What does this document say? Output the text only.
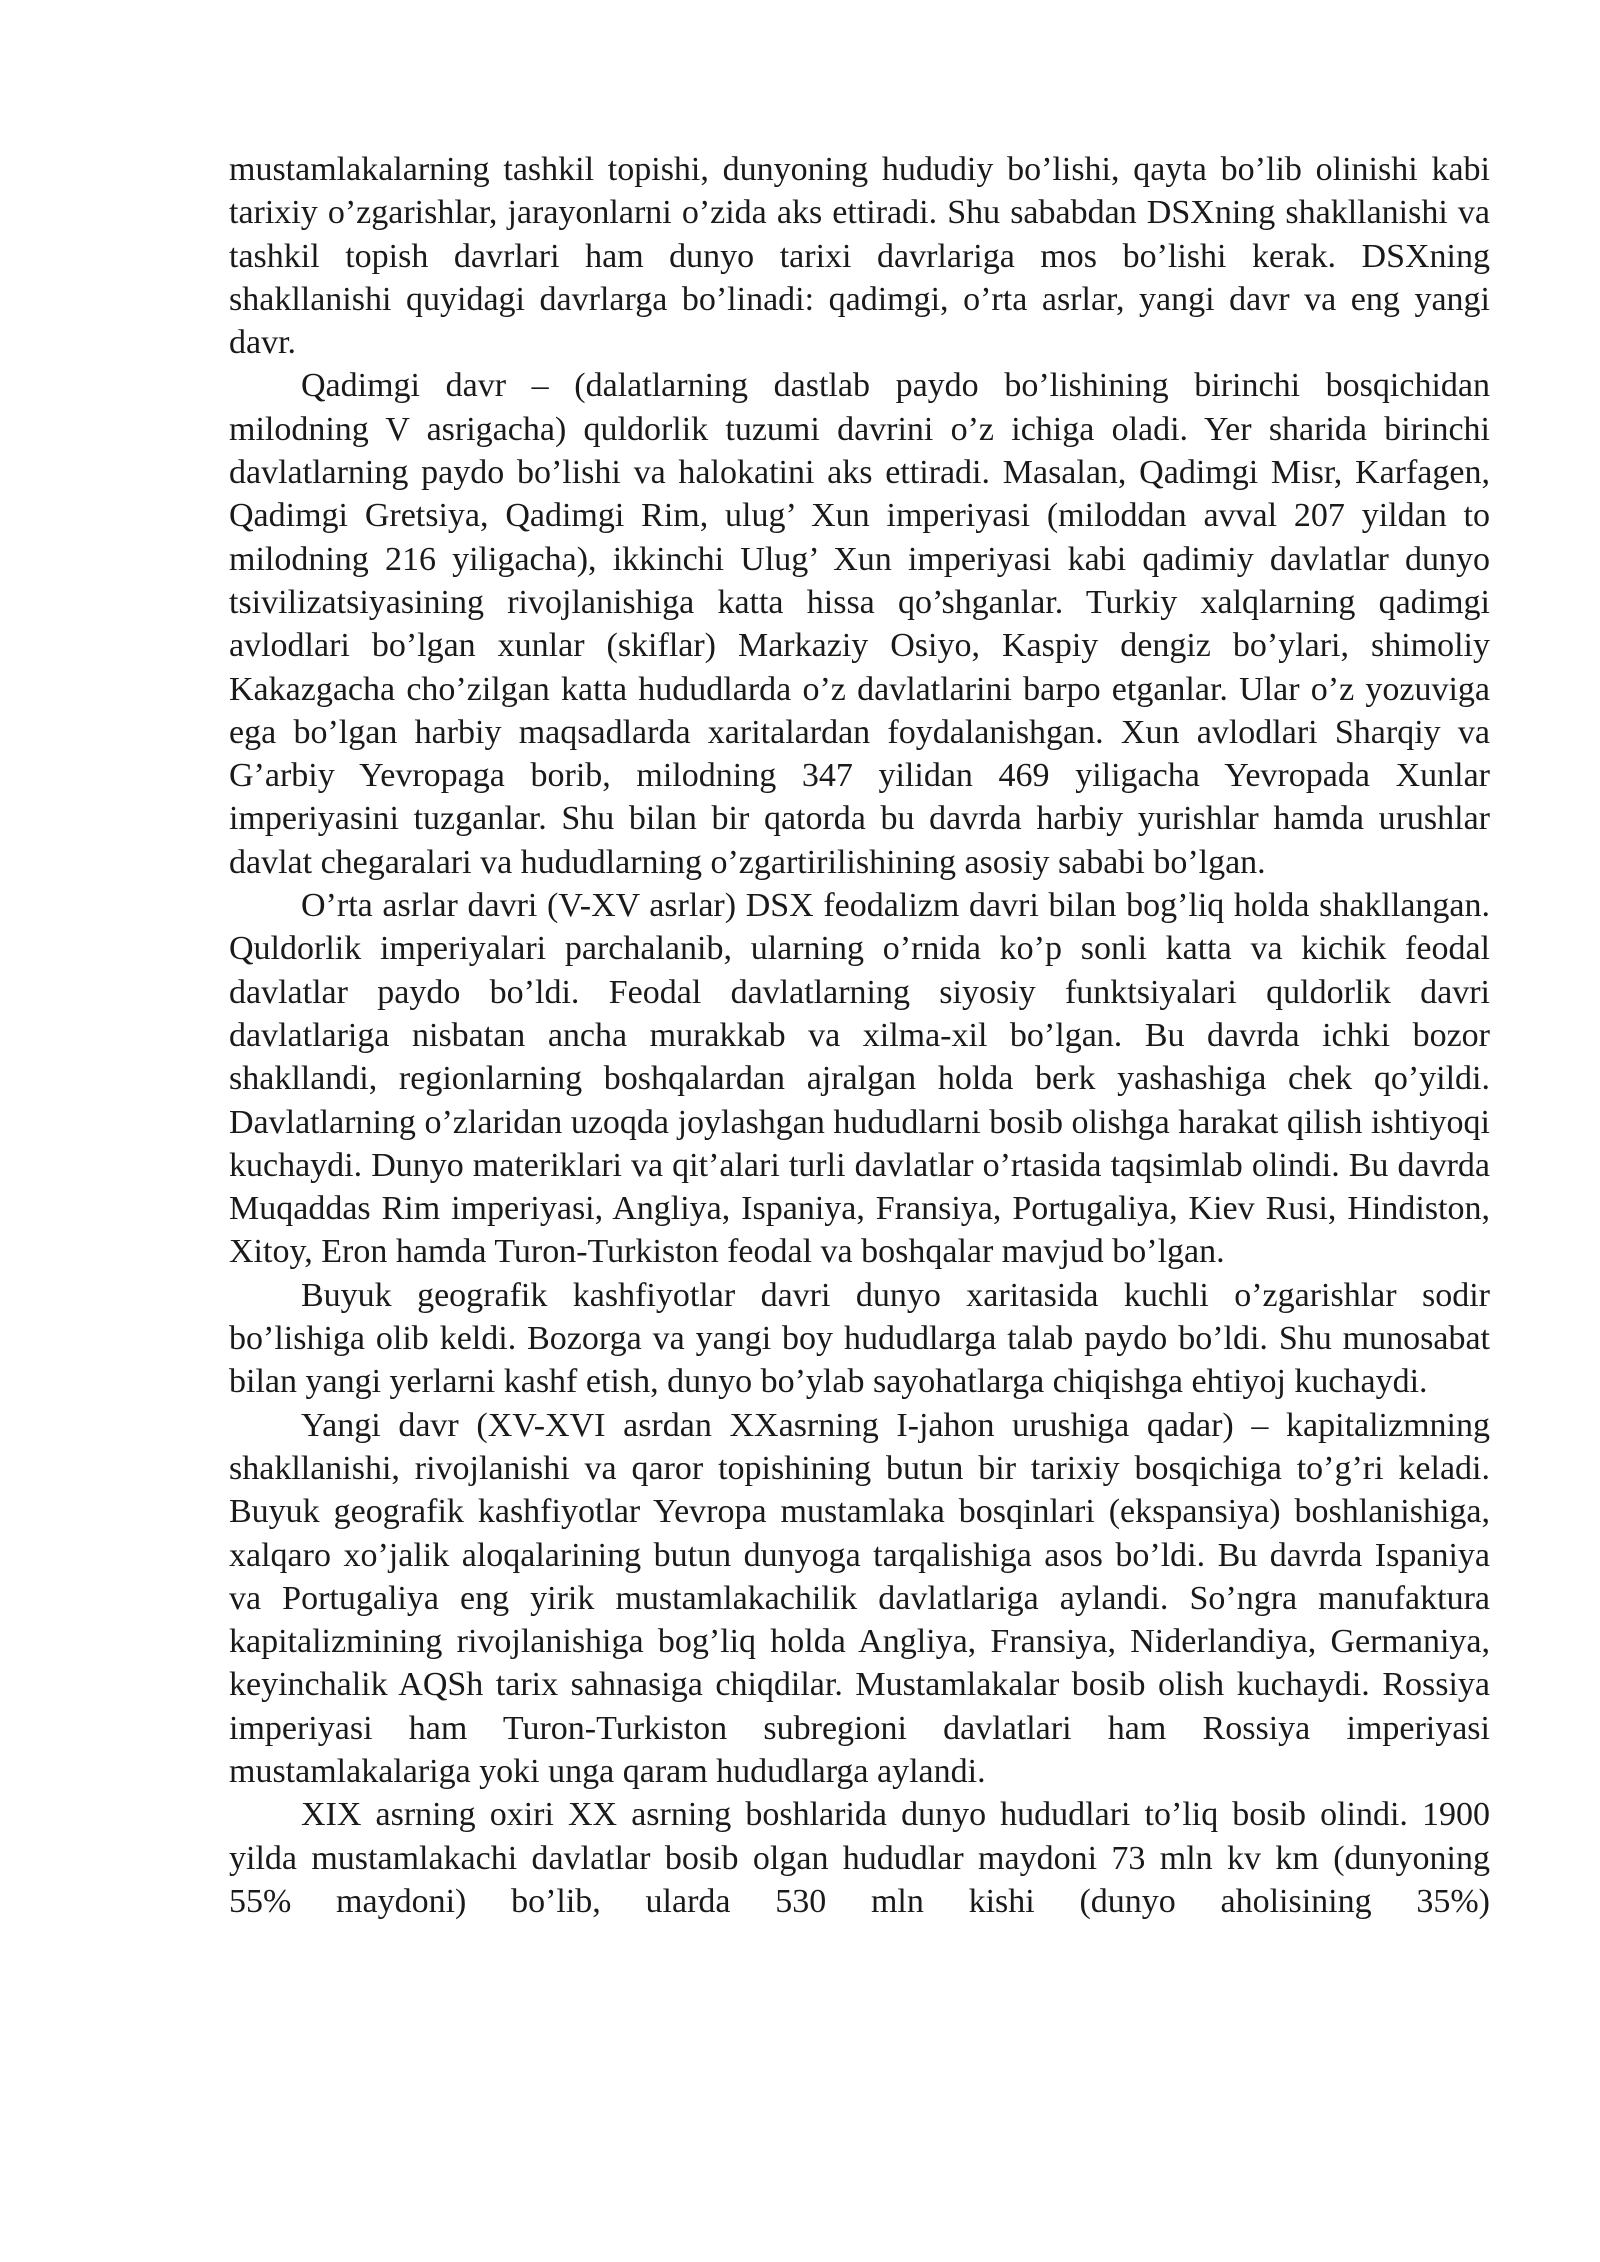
mustamlakalarning tashkil topishi, dunyoning hududiy bo’lishi, qayta bo’lib olinishi kabi tarixiy o’zgarishlar, jarayonlarni o’zida aks ettiradi. Shu sababdan DSXning shakllanishi va tashkil topish davrlari ham dunyo tarixi davrlariga mos bo’lishi kerak. DSXning shakllanishi quyidagi davrlarga bo’linadi: qadimgi, o’rta asrlar, yangi davr va eng yangi davr.

Qadimgi davr – (dalatlarning dastlab paydo bo’lishining birinchi bosqichidan milodning V asrigacha) quldorlik tuzumi davrini o’z ichiga oladi. Yer sharida birinchi davlatlarning paydo bo’lishi va halokatini aks ettiradi. Masalan, Qadimgi Misr, Karfagen, Qadimgi Gretsiya, Qadimgi Rim, ulug’ Xun imperiyasi (miloddan avval 207 yildan to milodning 216 yiligacha), ikkinchi Ulug’ Xun imperiyasi kabi qadimiy davlatlar dunyo tsivilizatsiyasining rivojlanishiga katta hissa qo’shganlar. Turkiy xalqlarning qadimgi avlodlari bo’lgan xunlar (skiflar) Markaziy Osiyo, Kaspiy dengiz bo’ylari, shimoliy Kakazgacha cho’zilgan katta hududlarda o’z davlatlarini barpo etganlar. Ular o’z yozuviga ega bo’lgan harbiy maqsadlarda xaritalardan foydalanishgan. Xun avlodlari Sharqiy va G’arbiy Yevropaga borib, milodning 347 yilidan 469 yiligacha Yevropada Xunlar imperiyasini tuzganlar. Shu bilan bir qatorda bu davrda harbiy yurishlar hamda urushlar davlat chegaralari va hududlarning o’zgartirilishining asosiy sababi bo’lgan.

O’rta asrlar davri (V-XV asrlar) DSX feodalizm davri bilan bog’liq holda shakllangan. Quldorlik imperiyalari parchalanib, ularning o’rnida ko’p sonli katta va kichik feodal davlatlar paydo bo’ldi. Feodal davlatlarning siyosiy funktsiyalari quldorlik davri davlatlariga nisbatan ancha murakkab va xilma-xil bo’lgan. Bu davrda ichki bozor shakllandi, regionlarning boshqalardan ajralgan holda berk yashashiga chek qo’yildi. Davlatlarning o’zlaridan uzoqda joylashgan hududlarni bosib olishga harakat qilish ishtiyoqi kuchaydi. Dunyo materiklari va qit’alari turli davlatlar o’rtasida taqsimlab olindi. Bu davrda Muqaddas Rim imperiyasi, Angliya, Ispaniya, Fransiya, Portugaliya, Kiev Rusi, Hindiston, Xitoy, Eron hamda Turon-Turkiston feodal va boshqalar mavjud bo’lgan.

Buyuk geografik kashfiyotlar davri dunyo xaritasida kuchli o’zgarishlar sodir bo’lishiga olib keldi. Bozorga va yangi boy hududlarga talab paydo bo’ldi. Shu munosabat bilan yangi yerlarni kashf etish, dunyo bo’ylab sayohatlarga chiqishga ehtiyoj kuchaydi.

Yangi davr (XV-XVI asrdan XXasrning I-jahon urushiga qadar) – kapitalizmning shakllanishi, rivojlanishi va qaror topishining butun bir tarixiy bosqichiga to’g’ri keladi. Buyuk geografik kashfiyotlar Yevropa mustamlaka bosqinlari (ekspansiya) boshlanishiga, xalqaro xo’jalik aloqalarining butun dunyoga tarqalishiga asos bo’ldi. Bu davrda Ispaniya va Portugaliya eng yirik mustamlakachilik davlatlariga aylandi. So’ngra manufaktura kapitalizmining rivojlanishiga bog’liq holda Angliya, Fransiya, Niderlandiya, Germaniya, keyinchalik AQSh tarix sahnasiga chiqdilar. Mustamlakalar bosib olish kuchaydi. Rossiya imperiyasi ham Turon-Turkiston subregioni davlatlari ham Rossiya imperiyasi mustamlakalariga yoki unga qaram hududlarga aylandi.

XIX asrning oxiri XX asrning boshlarida dunyo hududlari to’liq bosib olindi. 1900 yilda mustamlakachi davlatlar bosib olgan hududlar maydoni 73 mln kv km (dunyoning 55% maydoni) bo’lib, ularda 530 mln kishi (dunyo aholisining 35%)
